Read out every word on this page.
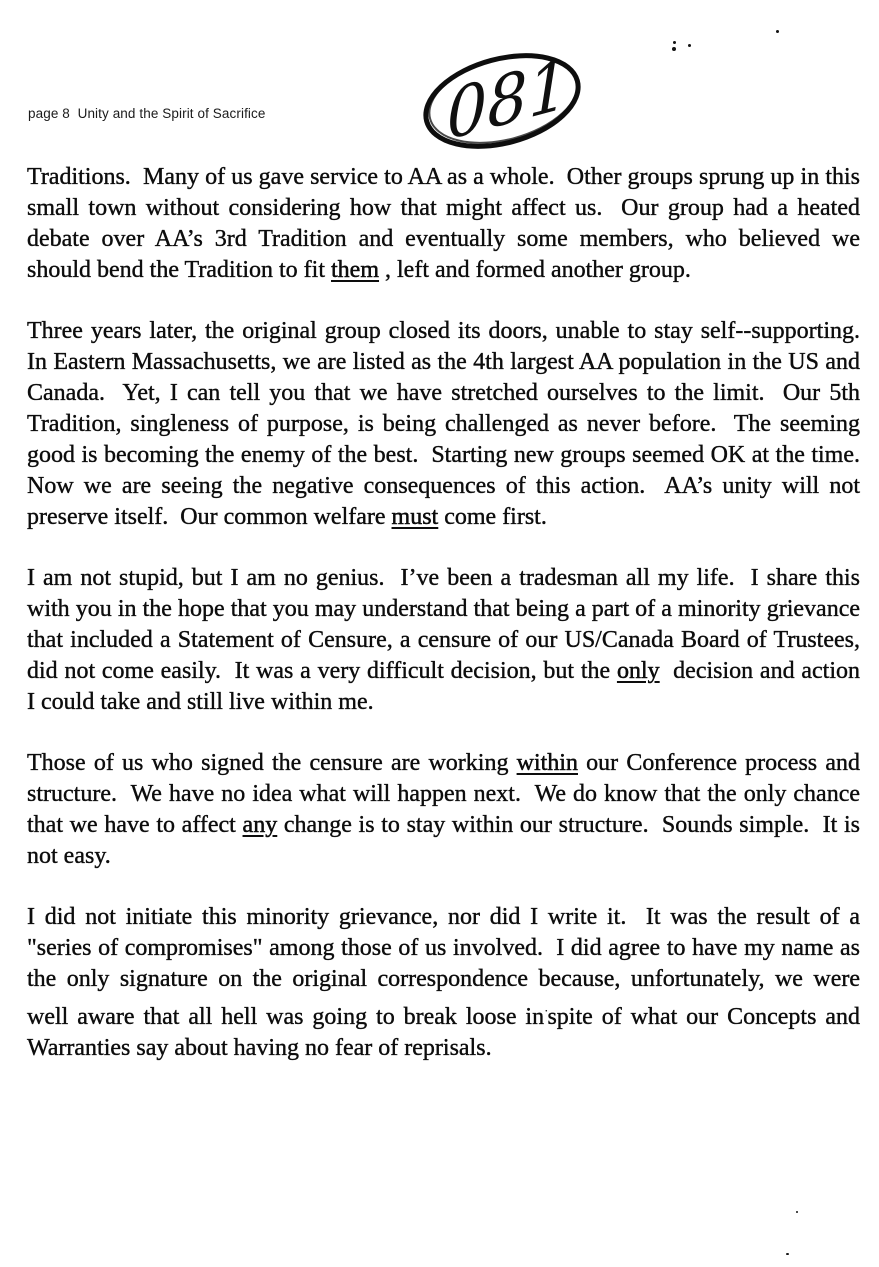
page 8  Unity and the Spirit of Sacrifice	081

Traditions.  Many of us gave service to AA as a whole.  Other groups sprung up in this small town without considering how that might affect us.  Our group had a heated debate over AA’s 3rd Tradition and eventually some members, who believed we should bend the Tradition to fit them , left and formed another group.

Three years later, the original group closed its doors, unable to stay self--supporting.  In Eastern Massachusetts, we are listed as the 4th largest AA population in the US and Canada.  Yet, I can tell you that we have stretched ourselves to the limit.  Our 5th Tradition, singleness of purpose, is being challenged as never before.  The seeming good is becoming the enemy of the best.  Starting new groups seemed OK at the time.  Now we are seeing the negative consequences of this action.  AA’s unity will not preserve itself.  Our common welfare must come first.

I am not stupid, but I am no genius.  I’ve been a tradesman all my life.  I share this with you in the hope that you may understand that being a part of a minority grievance that included a Statement of Censure, a censure of our US/Canada Board of Trustees, did not come easily.  It was a very difficult decision, but the only  decision and action I could take and still live within me.

Those of us who signed the censure are working within our Conference process and structure.  We have no idea what will happen next.  We do know that the only chance that we have to affect any change is to stay within our structure.  Sounds simple.  It is not easy.

I did not initiate this minority grievance, nor did I write it.  It was the result of a "series of compromises" among those of us involved.  I did agree to have my name as the only signature on the original correspondence because, unfortunately, we were well aware that all hell was going to break loose in·spite of what our Concepts and Warranties say about having no fear of reprisals.
